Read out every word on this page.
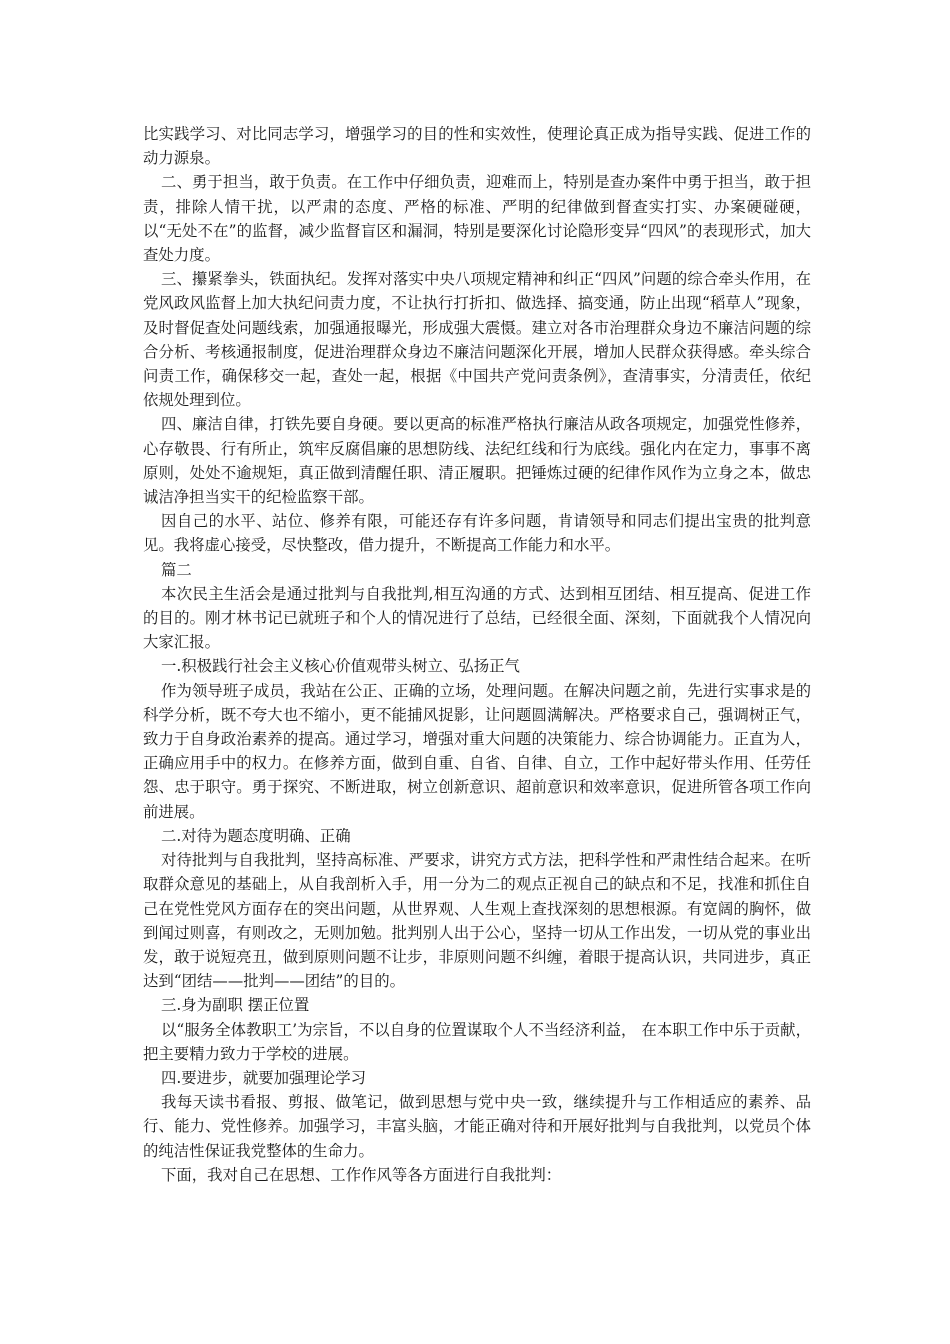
比实践学习、对比同志学习，增强学习的目的性和实效性，使理论真正成为指导实践、促进工作的动力源泉。

二、勇于担当，敢于负责。在工作中仔细负责，迎难而上，特别是查办案件中勇于担当，敢于担责，排除人情干扰，以严肃的态度、严格的标准、严明的纪律做到督查实打实、办案硬碰硬，以“无处不在”的监督，减少监督盲区和漏洞，特别是要深化讨论隐形变异“四风”的表现形式，加大查处力度。

三、攥紧拳头，铁面执纪。发挥对落实中央八项规定精神和纠正“四风”问题的综合牵头作用，在党风政风监督上加大执纪问责力度，不让执行打折扣、做选择、搞变通，防止出现“稻草人”现象，及时督促查处问题线索，加强通报曝光，形成强大震慑。建立对各市治理群众身边不廉洁问题的综合分析、考核通报制度，促进治理群众身边不廉洁问题深化开展，增加人民群众获得感。牵头综合问责工作，确保移交一起，查处一起，根据《中国共产党问责条例》，查清事实，分清责任，依纪依规处理到位。

四、廉洁自律，打铁先要自身硬。要以更高的标准严格执行廉洁从政各项规定，加强党性修养，心存敬畏、行有所止，筑牢反腐倡廉的思想防线、法纪红线和行为底线。强化内在定力，事事不离原则，处处不逾规矩，真正做到清醒任职、清正履职。把锤炼过硬的纪律作风作为立身之本，做忠诚洁净担当实干的纪检监察干部。

因自己的水平、站位、修养有限，可能还存有许多问题，肯请领导和同志们提出宝贵的批判意见。我将虚心接受，尽快整改，借力提升，不断提高工作能力和水平。

篇二

本次民主生活会是通过批判与自我批判,相互沟通的方式、达到相互团结、相互提高、促进工作的目的。刚才林书记已就班子和个人的情况进行了总结，已经很全面、深刻，下面就我个人情况向大家汇报。

一.积极践行社会主义核心价值观带头树立、弘扬正气

作为领导班子成员，我站在公正、正确的立场，处理问题。在解决问题之前，先进行实事求是的科学分析，既不夸大也不缩小，更不能捕风捉影，让问题圆满解决。严格要求自己，强调树正气，致力于自身政治素养的提高。通过学习，增强对重大问题的决策能力、综合协调能力。正直为人，正确应用手中的权力。在修养方面，做到自重、自省、自律、自立，工作中起好带头作用、任劳任怨、忠于职守。勇于探究、不断进取，树立创新意识、超前意识和效率意识，促进所管各项工作向前进展。

二.对待为题态度明确、正确

对待批判与自我批判，坚持高标准、严要求，讲究方式方法，把科学性和严肃性结合起来。在听取群众意见的基础上，从自我剖析入手，用一分为二的观点正视自己的缺点和不足，找准和抓住自己在党性党风方面存在的突出问题，从世界观、人生观上查找深刻的思想根源。有宽阔的胸怀，做到闻过则喜，有则改之，无则加勉。批判别人出于公心，坚持一切从工作出发，一切从党的事业出发，敢于说短亮丑，做到原则问题不让步，非原则问题不纠缠，着眼于提高认识，共同进步，真正达到“团结——批判——团结”的目的。

三.身为副职 摆正位置

以“服务全体教职工’为宗旨，不以自身的位置谋取个人不当经济利益， 在本职工作中乐于贡献，把主要精力致力于学校的进展。

四.要进步，就要加强理论学习

我每天读书看报、剪报、做笔记，做到思想与党中央一致，继续提升与工作相适应的素养、品行、能力、党性修养。加强学习，丰富头脑，才能正确对待和开展好批判与自我批判，以党员个体的纯洁性保证我党整体的生命力。

下面，我对自己在思想、工作作风等各方面进行自我批判：
